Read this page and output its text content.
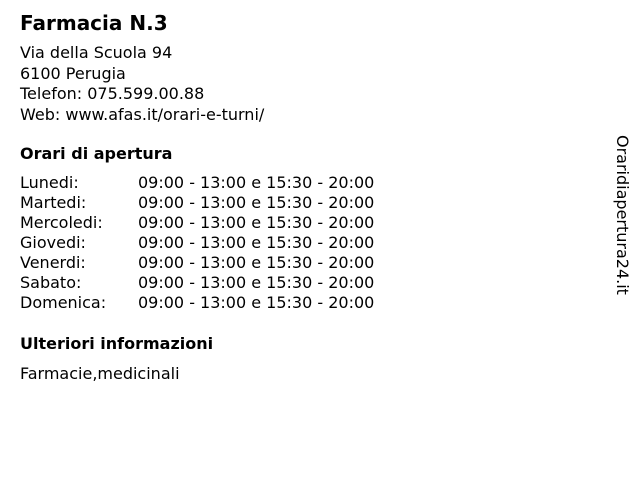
Farmacia N.3
Via della Scuola 94
6100 Perugia
Telefon: 075.599.00.88
Web: www.afas.it/orari-e-turni/
Orari di apertura
Lunedi:	09:00 - 13:00 e 15:30 - 20:00
Martedi:	09:00 - 13:00 e 15:30 - 20:00
Mercoledi: 09:00 - 13:00 e 15:30 - 20:00
Giovedi:	09:00 - 13:00 e 15:30 - 20:00
Venerdi:	09:00 - 13:00 e 15:30 - 20:00
Sabato:	09:00 - 13:00 e 15:30 - 20:00
Domenica: 09:00 - 13:00 e 15:30 - 20:00
Ulteriori informazioni
Farmacie,medicinali
Oraridiapertura24.it
